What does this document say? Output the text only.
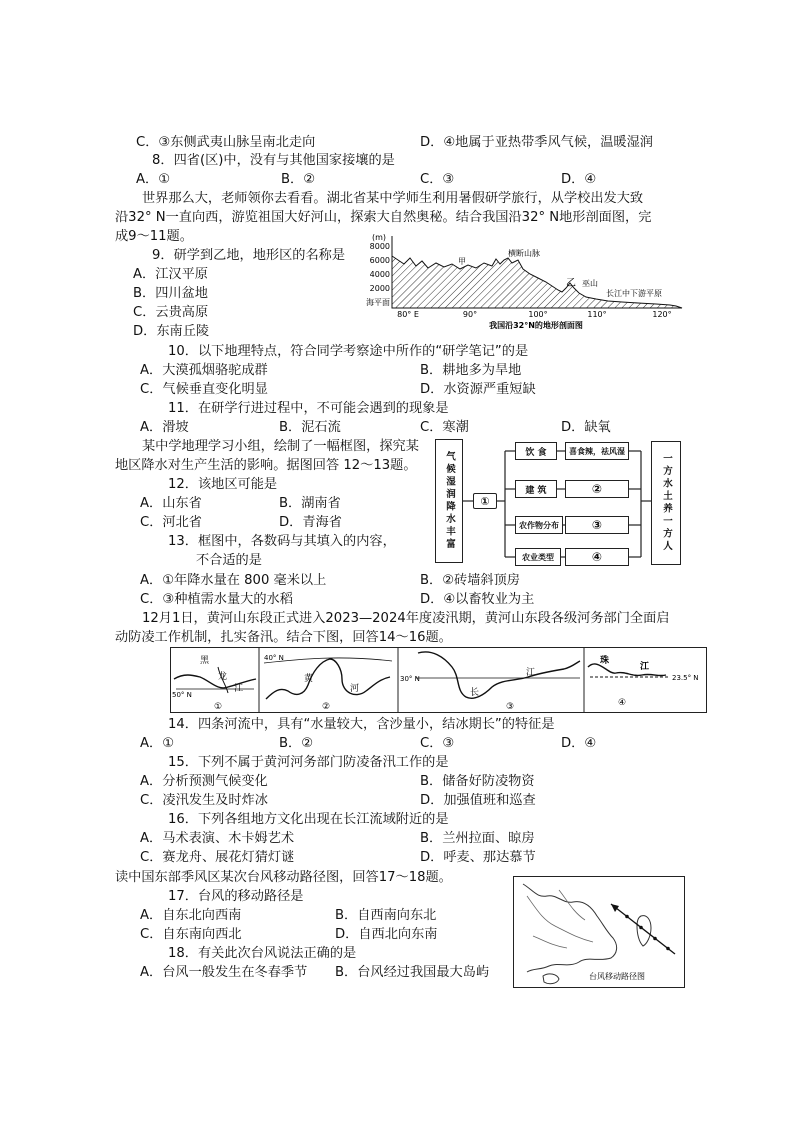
C．③东侧武夷山脉呈南北走向	D．④地属于亚热带季风气候，温暖湿润
8．四省(区)中，没有与其他国家接壤的是
A．①	B．②	C．③	D．④
世界那么大，老师领你去看看。湖北省某中学师生利用暑假研学旅行，从学校出发大致
沿32° N一直向西，游览祖国大好河山，探索大自然奥秘。结合我国沿32° N地形剖面图，完
成9～11题。
9．研学到乙地，地形区的名称是
A．江汉平原
B．四川盆地
C．云贵高原
D．东南丘陵
10．以下地理特点，符合同学考察途中所作的“研学笔记”的是
A．大漠孤烟骆驼成群	B．耕地多为旱地
C．气候垂直变化明显	D．水资源严重短缺
11．在研学行进过程中，不可能会遇到的现象是
A．滑坡	B．泥石流	C．寒潮	D．缺氧
某中学地理学习小组，绘制了一幅框图，探究某
地区降水对生产生活的影响。据图回答 12～13题。
12．该地区可能是
A．山东省	B．湖南省
C．河北省	D．青海省
13．框图中，各数码与其填入的内容，
不合适的是
A．①年降水量在 800 毫米以上	B．②砖墙斜顶房
C．③种植需水量大的水稻	D．④以畜牧业为主
12月1日，黄河山东段正式进入2023—2024年度凌汛期，黄河山东段各级河务部门全面启
动防凌工作机制，扎实备汛。结合下图，回答14～16题。
14．四条河流中，具有“水量较大，含沙量小，结冰期长”的特征是
A．①	B．②	C．③	D．④
15．下列不属于黄河河务部门防凌备汛工作的是
A．分析预测气候变化	B．储备好防凌物资
C．凌汛发生及时炸冰	D．加强值班和巡查
16．下列各组地方文化出现在长江流域附近的是
A．马术表演、木卡姆艺术	B．兰州拉面、晾房
C．赛龙舟、展花灯猜灯谜	D．呼麦、那达慕节
读中国东部季风区某次台风移动路径图，回答17～18题。
17．台风的移动路径是
A．自东北向西南	B．自西南向东北
C．自东南向西北	D．自西北向东南
18．有关此次台风说法正确的是
A．台风一般发生在冬春季节 B．台风经过我国最大岛屿
(m)
8000
6000
4000
2000
海平面
甲
横断山脉
乙 巫山
长江中下游平原
80° E	90°	100°	110°	120°
我国沿32°N的地形剖面图
气候湿润降水丰富	①
饮 食
建 筑
农作物分布
农业类型
喜食辣，祛风湿
②
③
④
一方水土养一方人
黑
龙
江
50° N
①
40° N
黄
河
②
30° N
江
长
③
珠
江
23.5° N
④
台风移动路径图
